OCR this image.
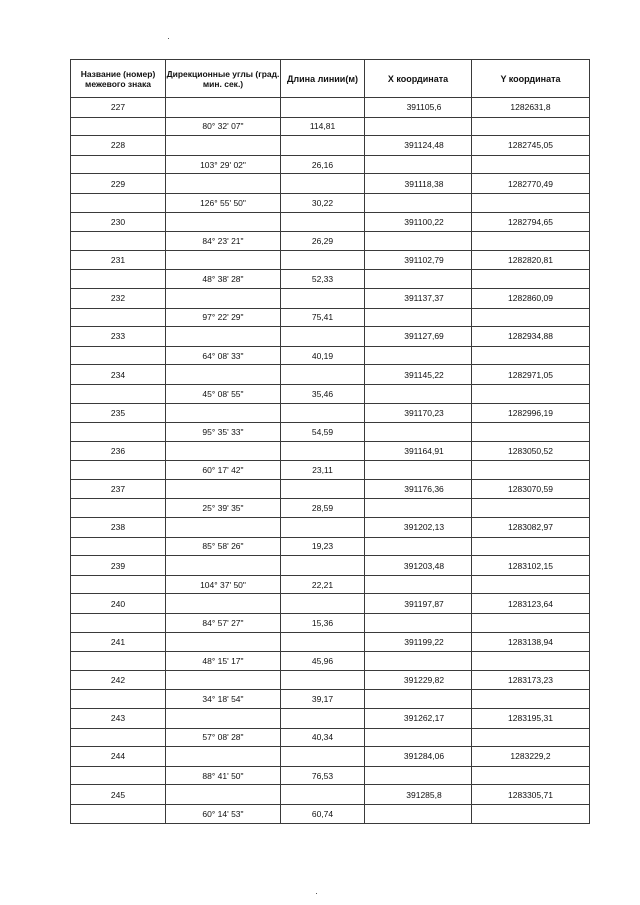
Название (номер) межевого знака	Дирекционные углы (град. мин. сек.)	Длина линии(м)	X координата	Y координата
227			391105,6	1282631,8
	80° 32' 07"	114,81		
228			391124,48	1282745,05
	103° 29' 02"	26,16		
229			391118,38	1282770,49
	126° 55' 50"	30,22		
230			391100,22	1282794,65
	84° 23' 21"	26,29		
231			391102,79	1282820,81
	48° 38' 28"	52,33		
232			391137,37	1282860,09
	97° 22' 29"	75,41		
233			391127,69	1282934,88
	64° 08' 33"	40,19		
234			391145,22	1282971,05
	45° 08' 55"	35,46		
235			391170,23	1282996,19
	95° 35' 33"	54,59		
236			391164,91	1283050,52
	60° 17' 42"	23,11		
237			391176,36	1283070,59
	25° 39' 35"	28,59		
238			391202,13	1283082,97
	85° 58' 26"	19,23		
239			391203,48	1283102,15
	104° 37' 50"	22,21		
240			391197,87	1283123,64
	84° 57' 27"	15,36		
241			391199,22	1283138,94
	48° 15' 17"	45,96		
242			391229,82	1283173,23
	34° 18' 54"	39,17		
243			391262,17	1283195,31
	57° 08' 28"	40,34		
244			391284,06	1283229,2
	88° 41' 50"	76,53		
245			391285,8	1283305,71
	60° 14' 53"	60,74		
